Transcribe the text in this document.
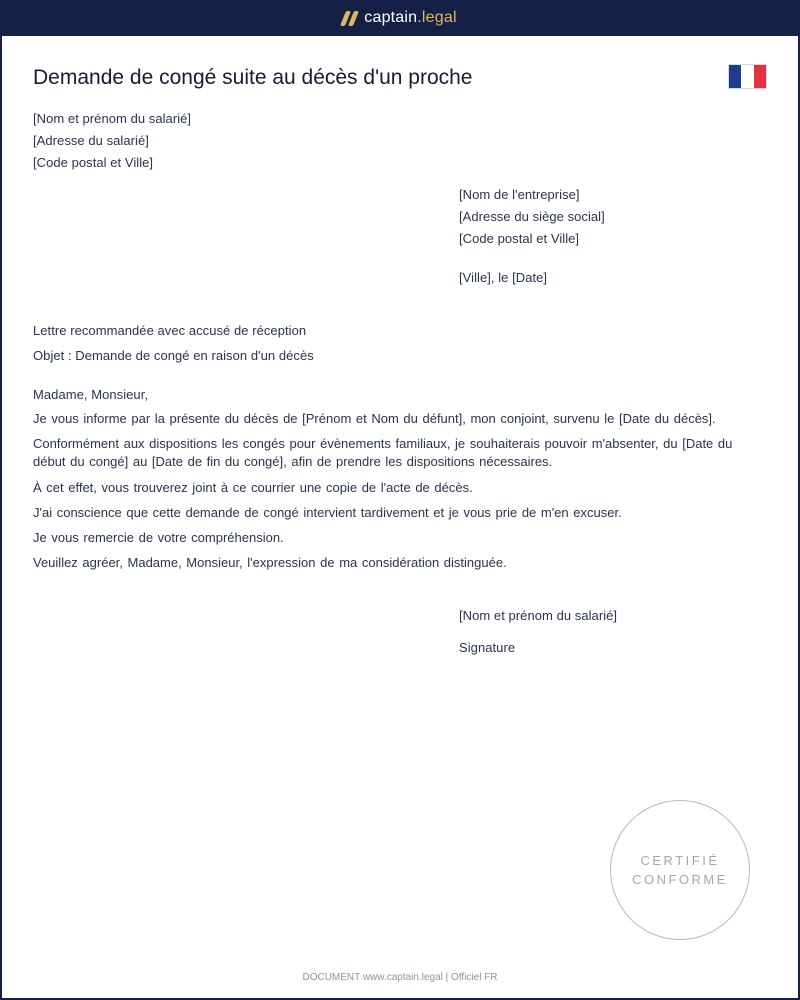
captain.legal
Demande de congé suite au décès d'un proche
[Nom et prénom du salarié]
[Adresse du salarié]
[Code postal et Ville]
[Nom de l'entreprise]
[Adresse du siège social]
[Code postal et Ville]
[Ville], le [Date]
Lettre recommandée avec accusé de réception
Objet : Demande de congé en raison d'un décès
Madame, Monsieur,

Je vous informe par la présente du décès de [Prénom et Nom du défunt], mon conjoint, survenu le [Date du décès].

Conformément aux dispositions les congés pour évènements familiaux, je souhaiterais pouvoir m'absenter, du [Date du début du congé] au [Date de fin du congé], afin de prendre les dispositions nécessaires.

À cet effet, vous trouverez joint à ce courrier une copie de l'acte de décès.

J'ai conscience que cette demande de congé intervient tardivement et je vous prie de m'en excuser.

Je vous remercie de votre compréhension.

Veuillez agréer, Madame, Monsieur, l'expression de ma considération distinguée.

[Nom et prénom du salarié]
Signature
CERTIFIÉ
CONFORME
DOCUMENT www.captain.legal | Officiel FR
